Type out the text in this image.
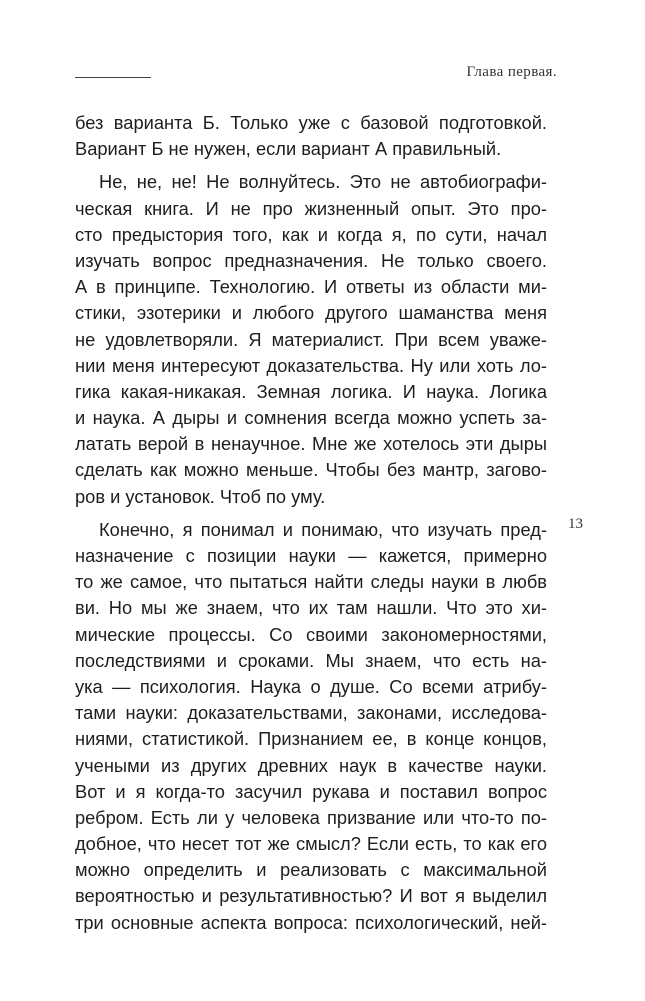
Глава первая.
без варианта Б. Только уже с базовой подготовкой.
Вариант Б не нужен, если вариант А правильный.
Не, не, не! Не волнуйтесь. Это не автобиографи-
ческая книга. И не про жизненный опыт. Это про-
сто предыстория того, как и когда я, по сути, начал
изучать вопрос предназначения. Не только своего.
А в принципе. Технологию. И ответы из области ми-
стики, эзотерики и любого другого шаманства меня
не удовлетворяли. Я материалист. При всем уваже-
нии меня интересуют доказательства. Ну или хоть ло-
гика какая-никакая. Земная логика. И наука. Логика
и наука. А дыры и сомнения всегда можно успеть за-
латать верой в ненаучное. Мне же хотелось эти дыры
сделать как можно меньше. Чтобы без мантр, загово-
ров и установок. Чтоб по уму.
Конечно, я понимал и понимаю, что изучать пред-
назначение с позиции науки — кажется, примерно
то же самое, что пытаться найти следы науки в любв
ви. Но мы же знаем, что их там нашли. Что это хи-
мические процессы. Со своими закономерностями,
последствиями и сроками. Мы знаем, что есть на-
ука — психология. Наука о душе. Со всеми атрибу-
тами науки: доказательствами, законами, исследова-
ниями, статистикой. Признанием ее, в конце концов,
учеными из других древних наук в качестве науки.
Вот и я когда-то засучил рукава и поставил вопрос
ребром. Есть ли у человека призвание или что-то по-
добное, что несет тот же смысл? Если есть, то как его
можно определить и реализовать с максимальной
вероятностью и результативностью? И вот я выделил
три основные аспекта вопроса: психологический, ней-
13
